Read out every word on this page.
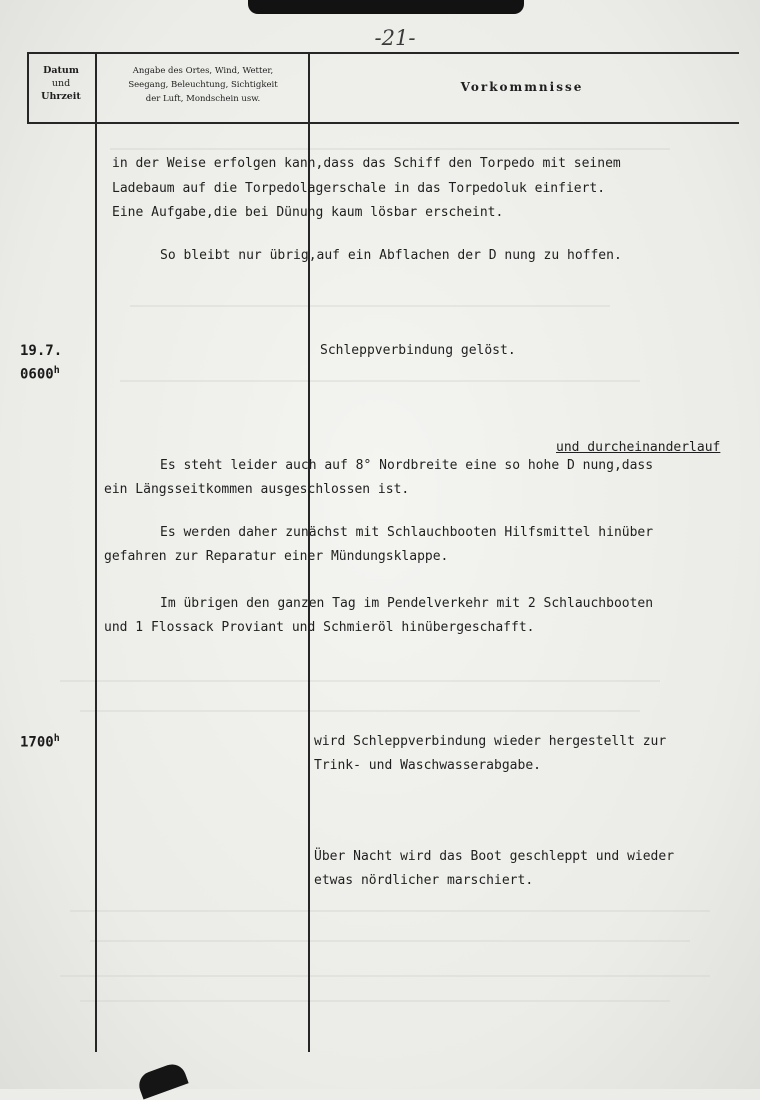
-21-
Datum
und
Uhrzeit
Angabe des Ortes, Wind, Wetter,
Seegang, Beleuchtung, Sichtigkeit
der Luft, Mondschein usw.
Vorkommnisse
in der Weise erfolgen kann,dass das Schiff den Torpedo mit seinem
Ladebaum auf die Torpedolagerschale in das Torpedoluk einfiert.
Eine Aufgabe,die bei Dünung kaum lösbar erscheint.
So bleibt nur übrig,auf ein Abflachen der D nung zu hoffen.
19.7.
0600$^h$
Schleppverbindung gelöst.
und durcheinanderlauf
Es steht leider auch auf 8° Nordbreite eine so hohe D nung,dass
ein Längsseitkommen ausgeschlossen ist.
Es werden daher zunächst mit Schlauchbooten Hilfsmittel hinüber
gefahren zur Reparatur einer Mündungsklappe.
Im übrigen den ganzen Tag im Pendelverkehr mit 2 Schlauchbooten
und 1 Flossack Proviant und Schmieröl hinübergeschafft.
1700$^h$	wird Schleppverbindung wieder hergestellt zur
Trink- und Waschwasserabgabe.
Über Nacht wird das Boot geschleppt und wieder
etwas nördlicher marschiert.
